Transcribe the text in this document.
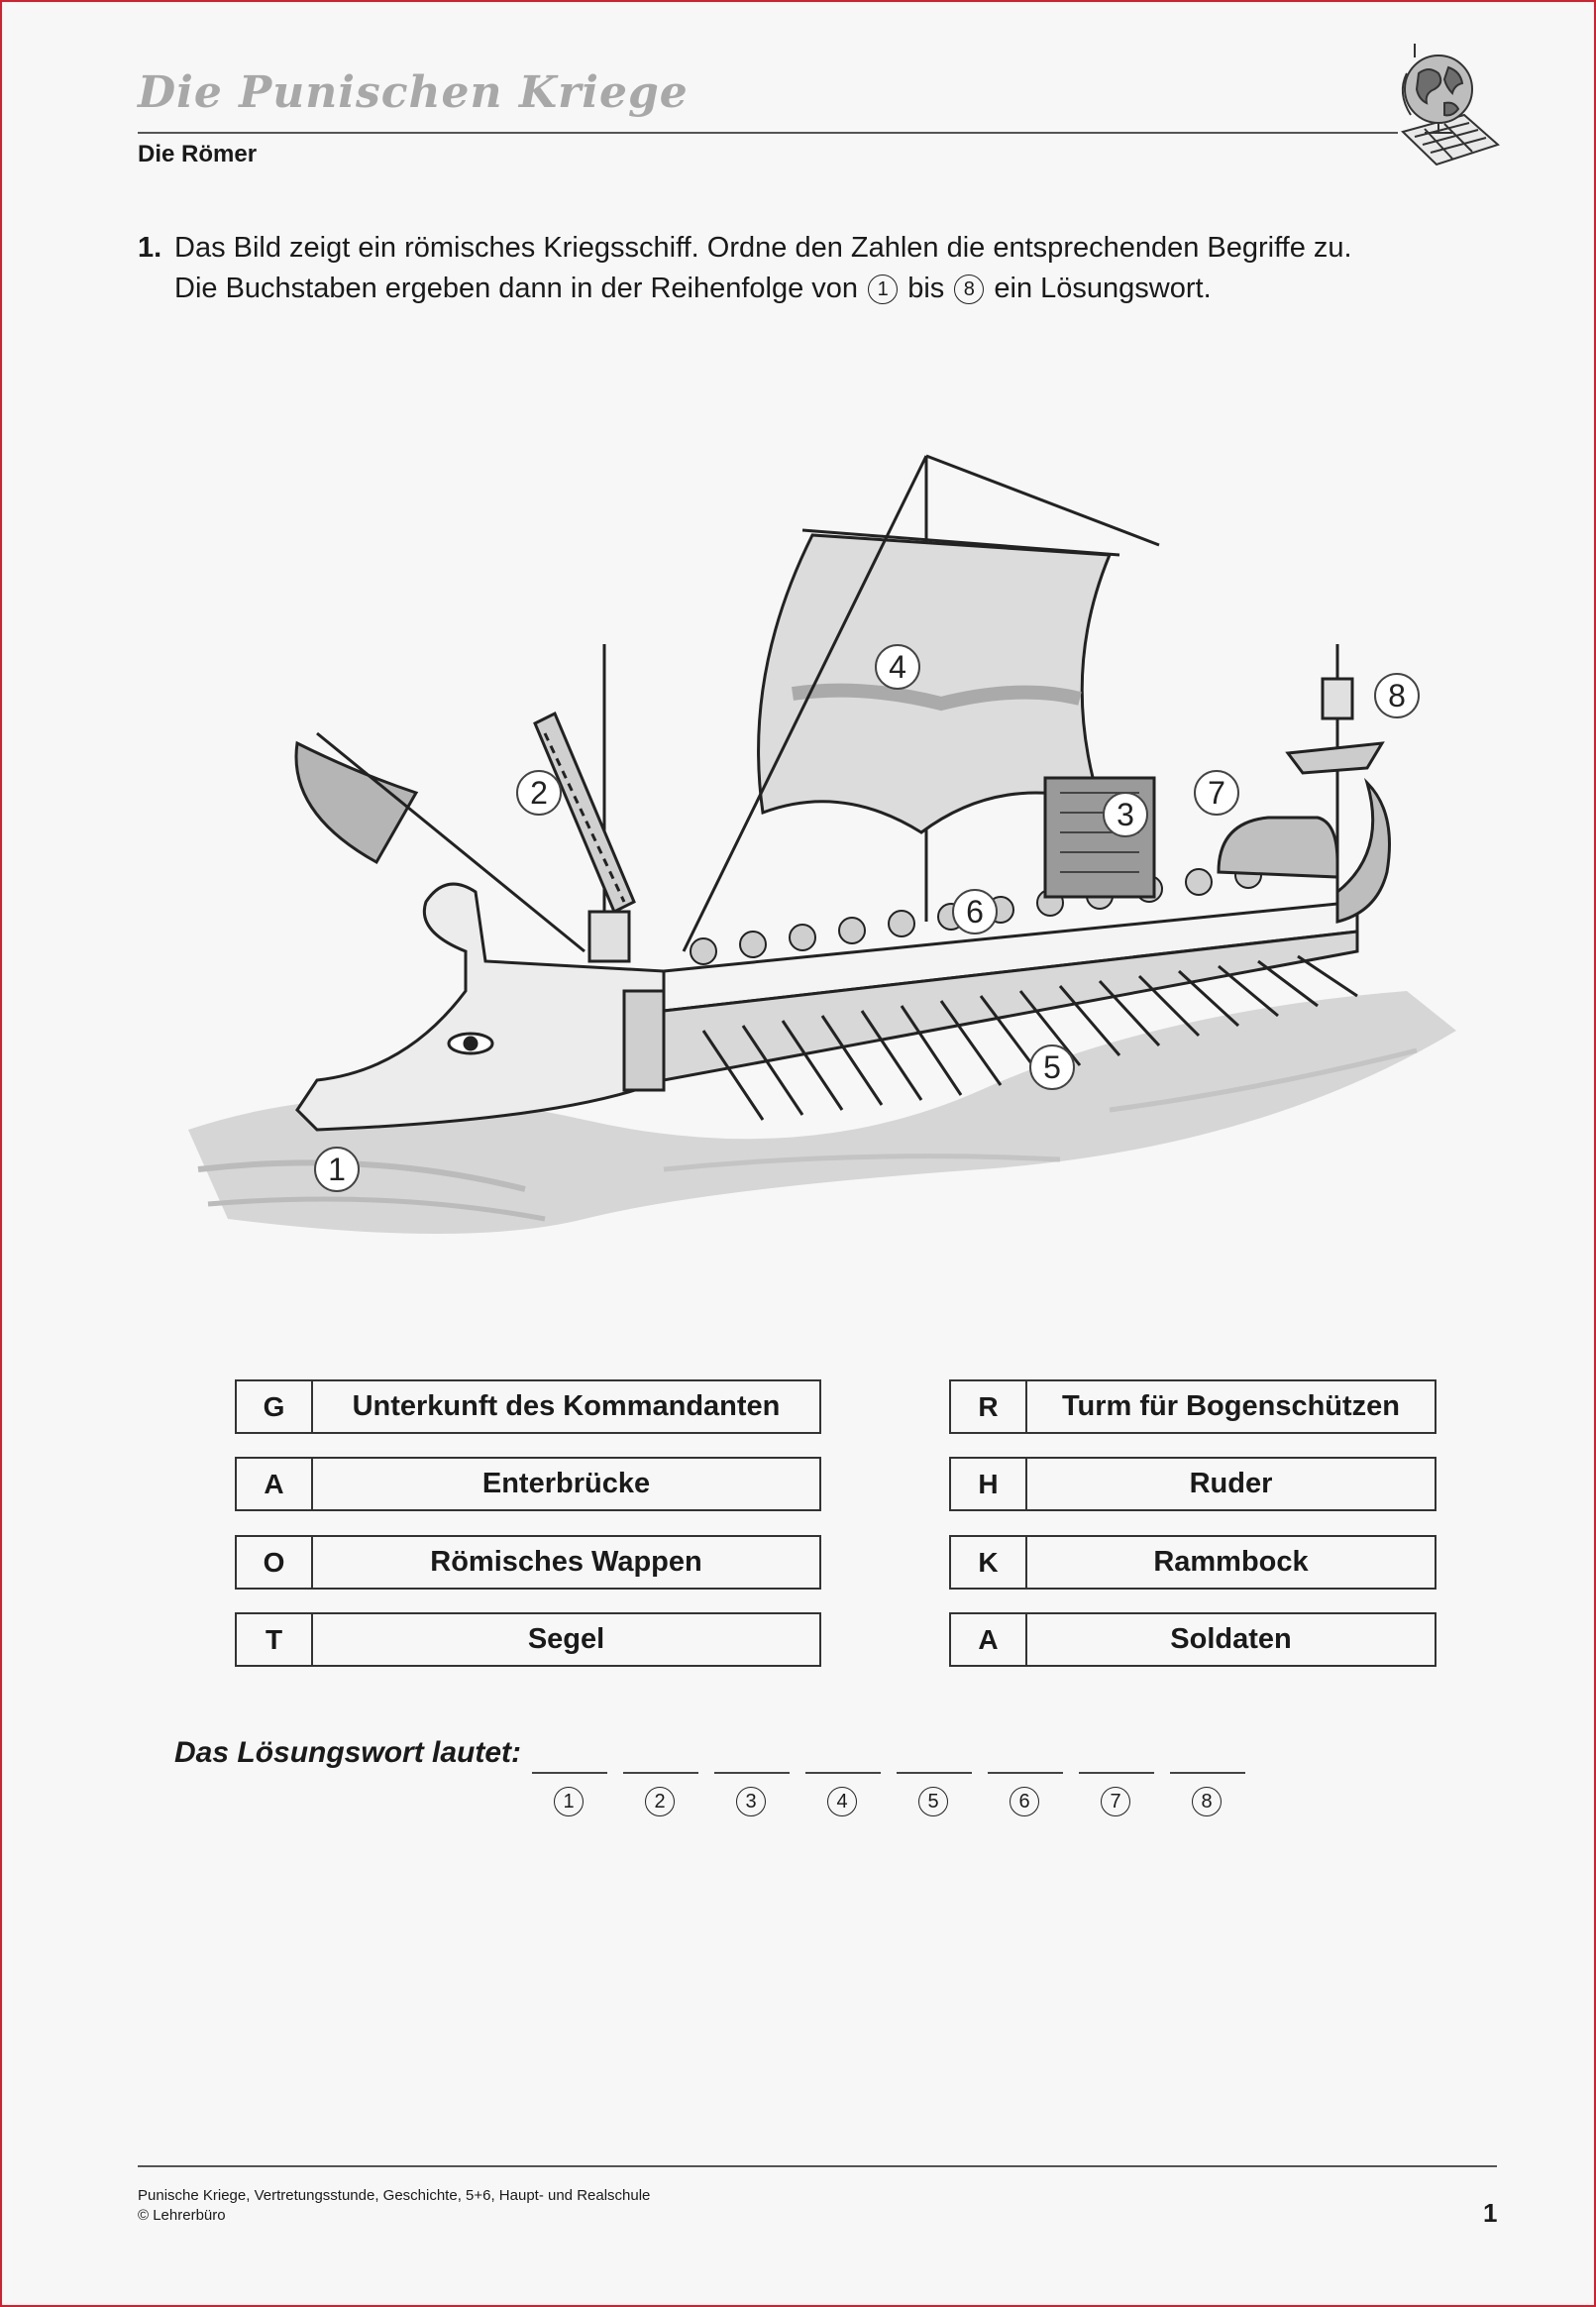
Die Punischen Kriege
Die Römer
1. Das Bild zeigt ein römisches Kriegsschiff. Ordne den Zahlen die entsprechenden Begriffe zu.
Die Buchstaben ergeben dann in der Reihenfolge von 1 bis 8 ein Lösungswort.
1
2
3
4
5
6
7
8
G	Unterkunft des Kommandanten	R	Turm für Bogenschützen
A	Enterbrücke	H	Ruder
O	Römisches Wappen	K	Rammbock
T	Segel	A	Soldaten
Das Lösungswort lautet:
1	2	3	4	5	6	7	8
Punische Kriege, Vertretungsstunde, Geschichte, 5+6, Haupt- und Realschule
© Lehrerbüro	1
